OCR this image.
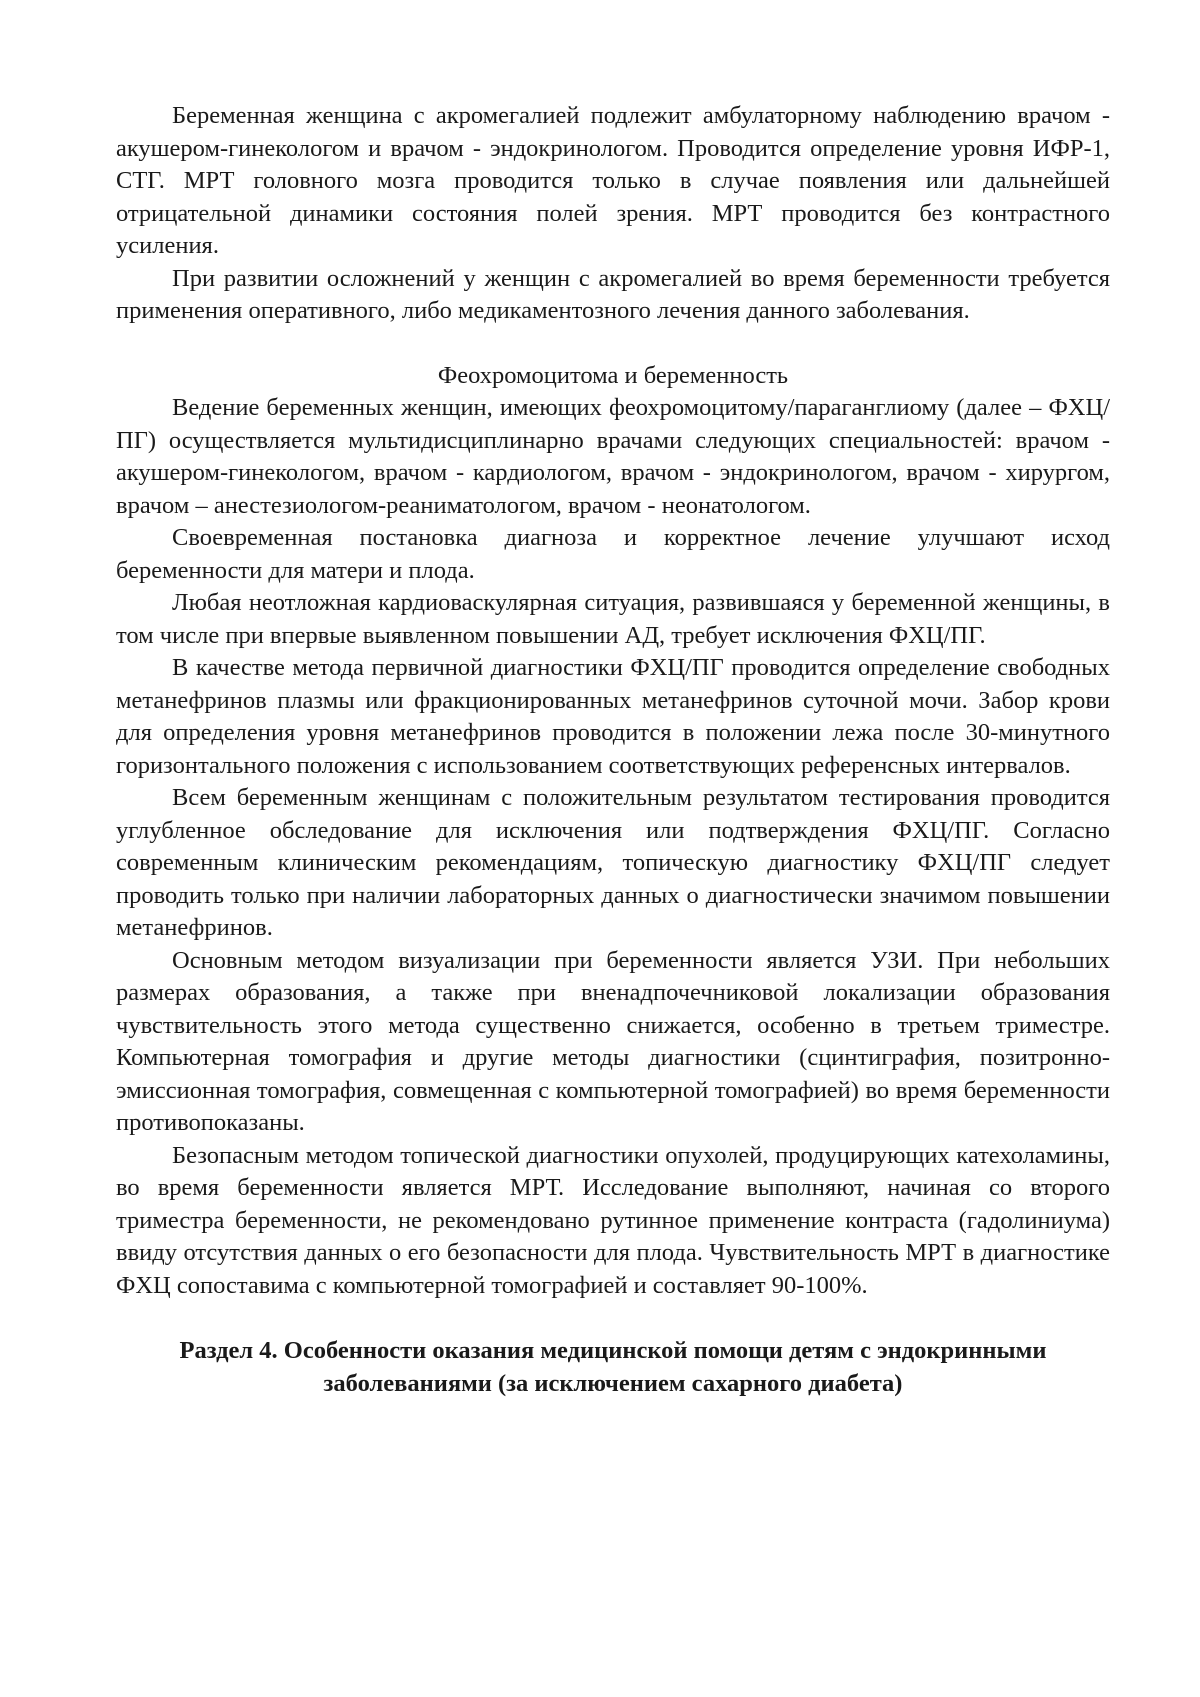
Беременная женщина с акромегалией подлежит амбулаторному наблюдению врачом - акушером-гинекологом и врачом - эндокринологом. Проводится определение уровня ИФР-1, СТГ. МРТ головного мозга проводится только в случае появления или дальнейшей отрицательной динамики состояния полей зрения. МРТ проводится без контрастного усиления.

При развитии осложнений у женщин с акромегалией во время беременности требуется применения оперативного, либо медикаментозного лечения данного заболевания.

Феохромоцитома и беременность

Ведение беременных женщин, имеющих феохромоцитому/параганглиому (далее – ФХЦ/ПГ) осуществляется мультидисциплинарно врачами следующих специальностей: врачом - акушером-гинекологом, врачом - кардиологом, врачом - эндокринологом, врачом - хирургом, врачом – анестезиологом-реаниматологом, врачом - неонатологом.

Своевременная постановка диагноза и корректное лечение улучшают исход беременности для матери и плода.

Любая неотложная кардиоваскулярная ситуация, развившаяся у беременной женщины, в том числе при впервые выявленном повышении АД, требует исключения ФХЦ/ПГ.

В качестве метода первичной диагностики ФХЦ/ПГ проводится определение свободных метанефринов плазмы или фракционированных метанефринов суточной мочи. Забор крови для определения уровня метанефринов проводится в положении лежа после 30-минутного горизонтального положения с использованием соответствующих референсных интервалов.

Всем беременным женщинам с положительным результатом тестирования проводится углубленное обследование для исключения или подтверждения ФХЦ/ПГ. Согласно современным клиническим рекомендациям, топическую диагностику ФХЦ/ПГ следует проводить только при наличии лабораторных данных о диагностически значимом повышении метанефринов.

Основным методом визуализации при беременности является УЗИ. При небольших размерах образования, а также при вненадпочечниковой локализации образования чувствительность этого метода существенно снижается, особенно в третьем триместре. Компьютерная томография и другие методы диагностики (сцинтиграфия, позитронно-эмиссионная томография, совмещенная с компьютерной томографией) во время беременности противопоказаны.

Безопасным методом топической диагностики опухолей, продуцирующих катехоламины, во время беременности является МРТ. Исследование выполняют, начиная со второго триместра беременности, не рекомендовано рутинное применение контраста (гадолиниума) ввиду отсутствия данных о его безопасности для плода. Чувствительность МРТ в диагностике ФХЦ сопоставима с компьютерной томографией и составляет 90-100%.

Раздел 4. Особенности оказания медицинской помощи детям с эндокринными заболеваниями (за исключением сахарного диабета)
